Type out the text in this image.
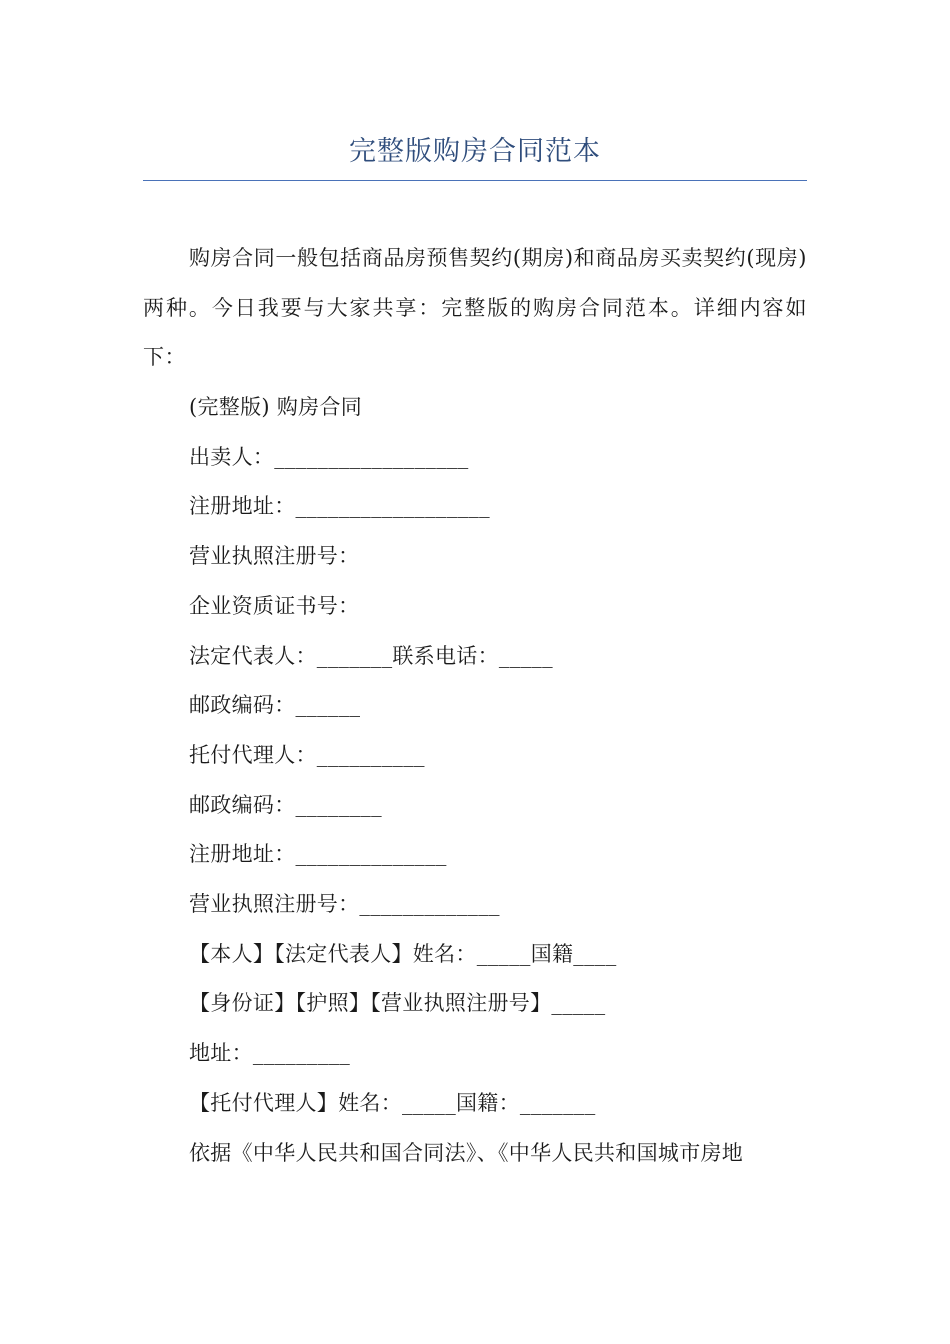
完整版购房合同范本
购房合同一般包括商品房预售契约(期房)和商品房买卖契约(现房)两种。今日我要与大家共享：完整版的购房合同范本。详细内容如下：
(完整版) 购房合同
出卖人：__________________
注册地址：__________________
营业执照注册号：
企业资质证书号：
法定代表人：_______联系电话：_____
邮政编码：______
托付代理人：__________
邮政编码：________
注册地址：______________
营业执照注册号：_____________
【本人】【法定代表人】姓名：_____国籍____
【身份证】【护照】【营业执照注册号】_____
地址：_________
【托付代理人】姓名：_____国籍：_______
依据《中华人民共和国合同法》、《中华人民共和国城市房地
